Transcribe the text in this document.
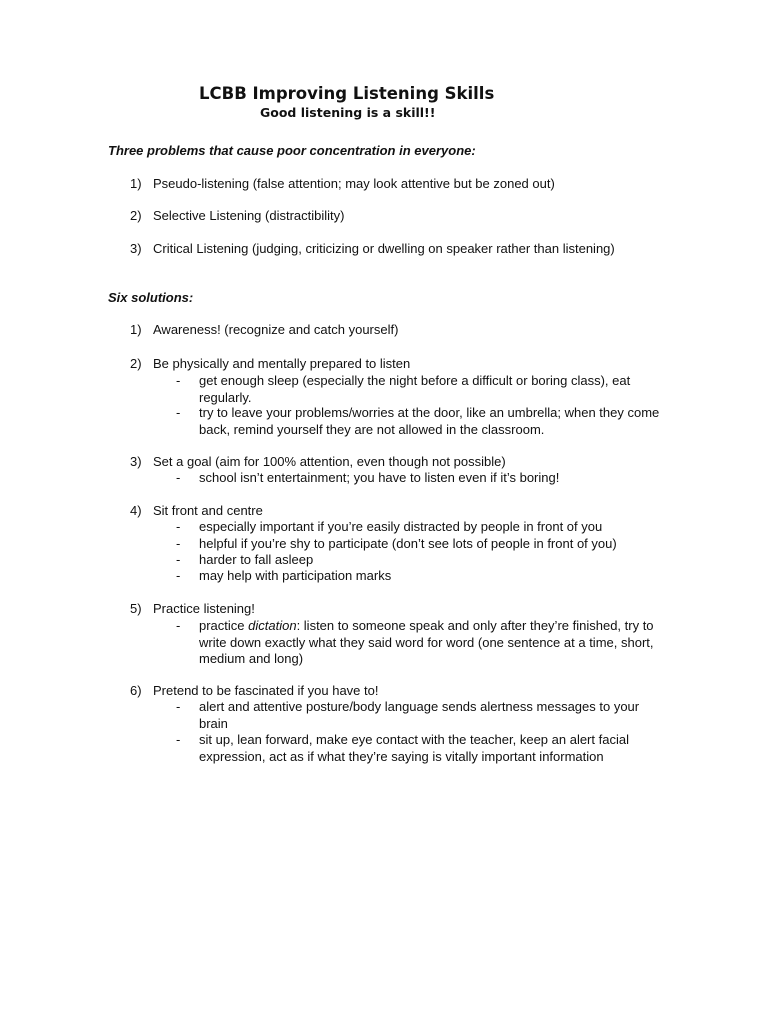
LCBB Improving Listening Skills
Good listening is a skill!!
Three problems that cause poor concentration in everyone:
1) Pseudo-listening (false attention; may look attentive but be zoned out)
2) Selective Listening (distractibility)
3) Critical Listening (judging, criticizing or dwelling on speaker rather than listening)
Six solutions:
1) Awareness! (recognize and catch yourself)
2) Be physically and mentally prepared to listen
- get enough sleep (especially the night before a difficult or boring class), eat regularly.
- try to leave your problems/worries at the door, like an umbrella; when they come back, remind yourself they are not allowed in the classroom.
3) Set a goal (aim for 100% attention, even though not possible)
- school isn’t entertainment; you have to listen even if it’s boring!
4) Sit front and centre
- especially important if you’re easily distracted by people in front of you
- helpful if you’re shy to participate (don’t see lots of people in front of you)
- harder to fall asleep
- may help with participation marks
5) Practice listening!
- practice dictation: listen to someone speak and only after they’re finished, try to write down exactly what they said word for word (one sentence at a time, short, medium and long)
6) Pretend to be fascinated if you have to!
- alert and attentive posture/body language sends alertness messages to your brain
- sit up, lean forward, make eye contact with the teacher, keep an alert facial expression, act as if what they’re saying is vitally important information
